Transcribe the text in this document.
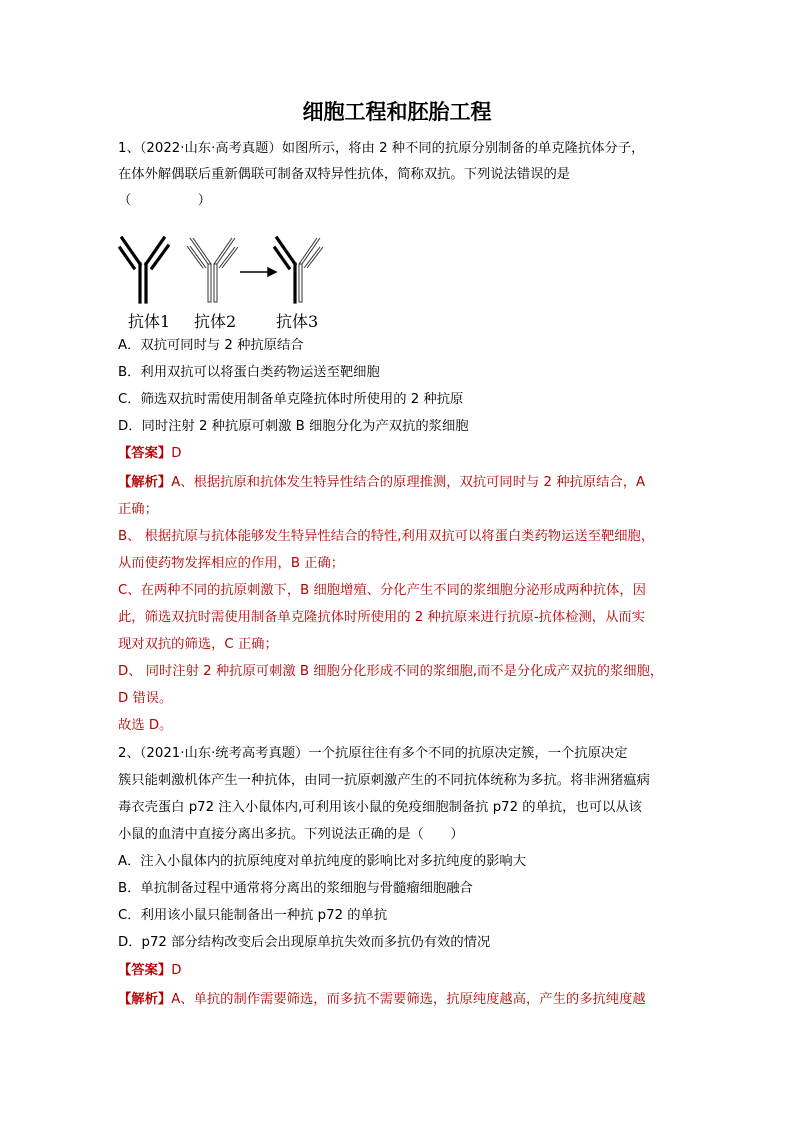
细胞工程和胚胎工程
1、（2022·山东·高考真题）如图所示，将由 2 种不同的抗原分别制备的单克隆抗体分子，
在体外解偶联后重新偶联可制备双特异性抗体，简称双抗。下列说法错误的是
（　　　　　）
抗体1 抗体2 抗体3
A．双抗可同时与 2 种抗原结合
B．利用双抗可以将蛋白类药物运送至靶细胞
C．筛选双抗时需使用制备单克隆抗体时所使用的 2 种抗原
D．同时注射 2 种抗原可刺激 B 细胞分化为产双抗的浆细胞
【答案】D
【解析】A、根据抗原和抗体发生特异性结合的原理推测，双抗可同时与 2 种抗原结合，A
正确；
B、 根据抗原与抗体能够发生特异性结合的特性,利用双抗可以将蛋白类药物运送至靶细胞，
从而使药物发挥相应的作用，B 正确；
C、在两种不同的抗原刺激下，B 细胞增殖、分化产生不同的浆细胞分泌形成两种抗体，因
此，筛选双抗时需使用制备单克隆抗体时所使用的 2 种抗原来进行抗原-抗体检测，从而实
现对双抗的筛选，C 正确；
D、 同时注射 2 种抗原可刺激 B 细胞分化形成不同的浆细胞,而不是分化成产双抗的浆细胞，
D 错误。
故选 D。
2、（2021·山东·统考高考真题）一个抗原往往有多个不同的抗原决定簇，一个抗原决定
簇只能刺激机体产生一种抗体，由同一抗原刺激产生的不同抗体统称为多抗。将非洲猪瘟病
毒衣壳蛋白 p72 注入小鼠体内,可利用该小鼠的免疫细胞制备抗 p72 的单抗，也可以从该
小鼠的血清中直接分离出多抗。下列说法正确的是（　　）
A．注入小鼠体内的抗原纯度对单抗纯度的影响比对多抗纯度的影响大
B．单抗制备过程中通常将分离出的浆细胞与骨髓瘤细胞融合
C．利用该小鼠只能制备出一种抗 p72 的单抗
D．p72 部分结构改变后会出现原单抗失效而多抗仍有效的情况
【答案】D
【解析】A、单抗的制作需要筛选，而多抗不需要筛选，抗原纯度越高，产生的多抗纯度越
